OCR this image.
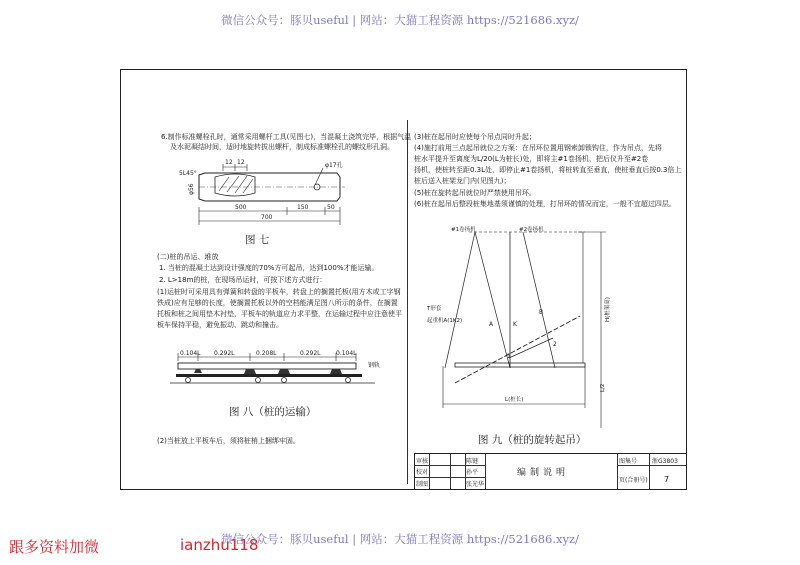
微信公众号：豚贝useful | 网站：大猫工程资源 https://521686.xyz/
6.制作标准螺栓孔时，通常采用螺杆工具(见图七)，当混凝土浇筑完毕，根据气温
及水泥凝结时间，适时地旋转拔出螺杆，制成标准螺栓孔的螺纹形孔洞。
12 12
5L45°
φ17孔
φ56
500	150	50
700
图 七
(二)桩的吊运、堆放
1. 当桩的混凝土达到设计强度的70%方可起吊，达到100%才能运输。
2. L>18m的桩，在现场吊运时，可按下述方式进行：
(1)运桩时可采用具有弹簧和转盘的平板车，转盘上的搁置托板(用方木或工字钢
铁成)应有足够的长度，使搁置托板以外的空档能满足图八所示的条件，在搁置
托板和桩之间用垫木衬垫，平板车的轨道应力求平整，在运输过程中应注意使平
板车保持平稳，避免振动、跳动和撞击。
0.104L 0.292L	0.208L	0.292L	0.104L
钢轨
图 八（桩的运输）
(2)当桩放上平板车后，须将桩梢上捆绑牢固。
(3)桩在起吊时应使每个吊点同时升起；
(4)施打前用三点起吊就位之方案：在吊环位置用钢索卸锁钩住，作为吊点，先将
桩水平提升至离度为L/20(L为桩长)处，即将主#1卷扬机，把后仪升至#2卷
扬机，使桩转至距0.3L处，即停止#1卷扬机，将桩转直至垂直，使桩垂直后按0.3倍上
桩后送入桩架龙门内(见图九)；
(5)桩在旋转起吊就位时严禁使用吊环。
(6)桩在起吊后整段桩集地基须谨慎的处理，打吊环的情况而定，一般不宜超过四层。
#1卷扬机	#2卷扬机
T形套
起重机A(1K2)	A	K
B
1
2
L(桩长)
H(桩架高)
L/2
图 九（桩的旋转起吊）
审核	陈键
校对	孙平
制图	张光华
编制说明
图集号 浙G3803
页(合册号) 7
微信公众号：豚贝useful | 网站：大猫工程资源 https://521686.xyz/
跟多资料加微	ianzhu118
